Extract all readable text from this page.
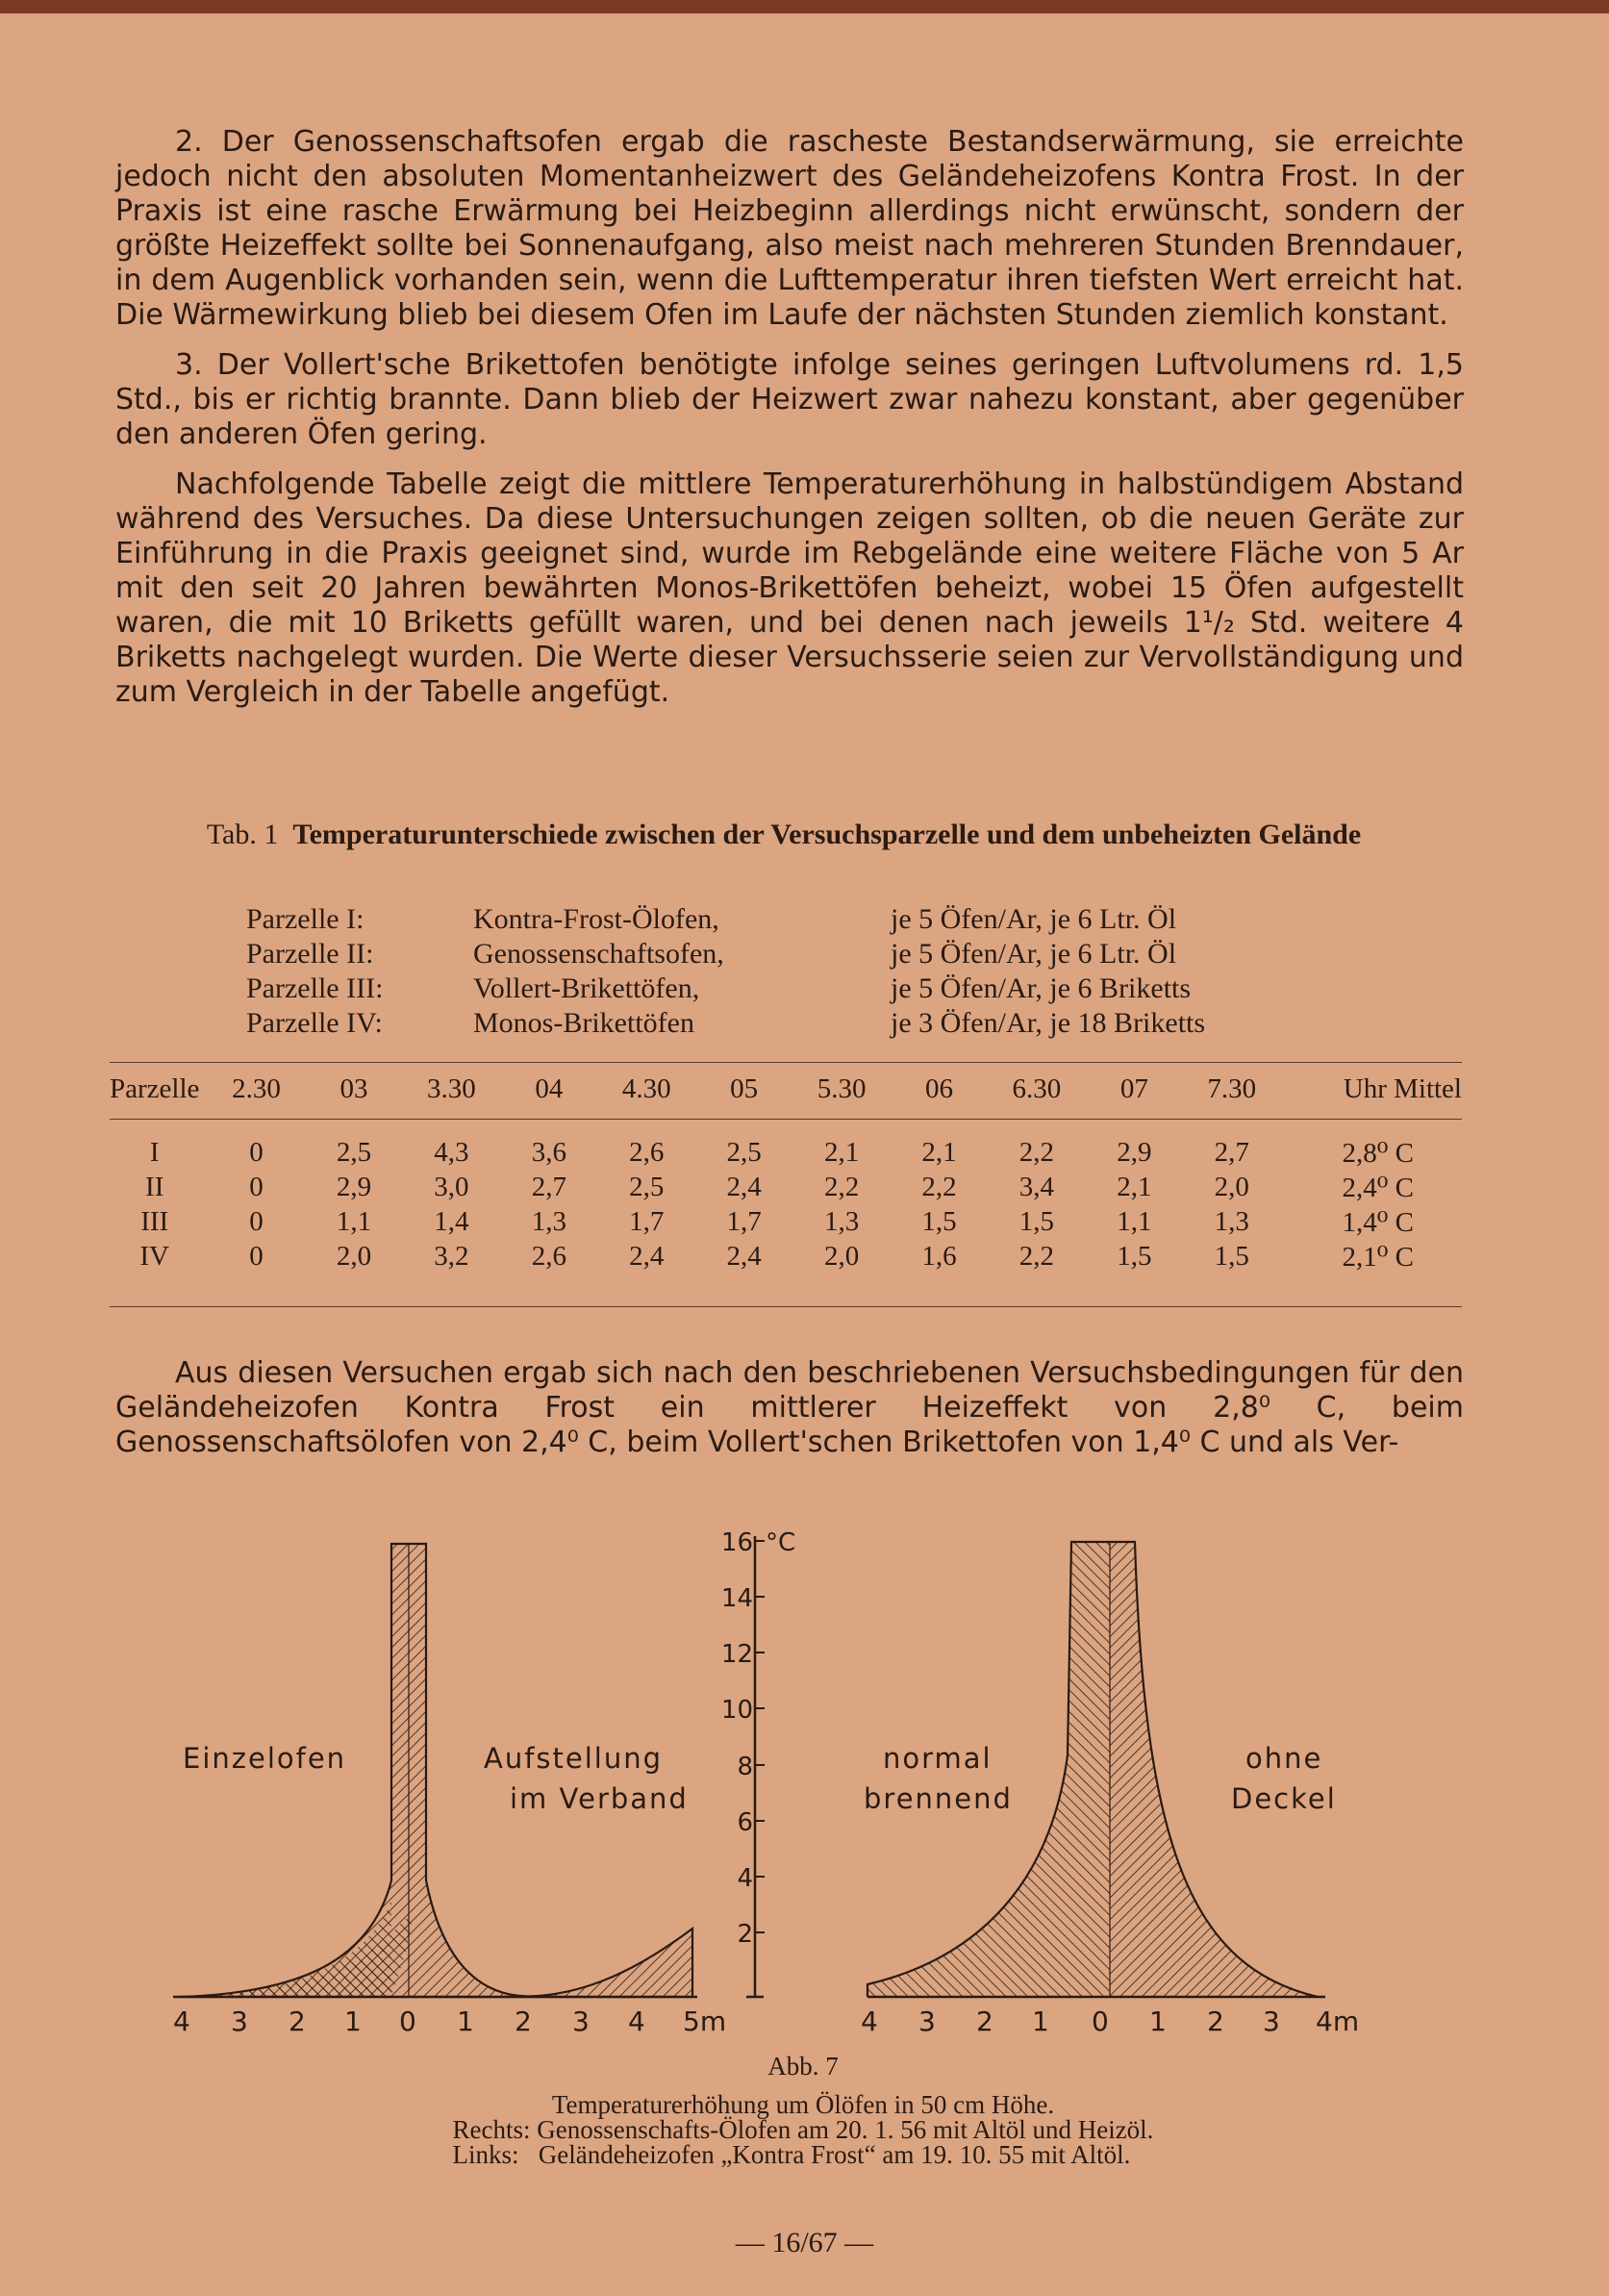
2. Der Genossenschaftsofen ergab die rascheste Bestandserwärmung, sie erreichte jedoch nicht den absoluten Momentanheizwert des Geländeheizofens Kontra Frost. In der Praxis ist eine rasche Erwärmung bei Heizbeginn allerdings nicht erwünscht, sondern der größte Heizeffekt sollte bei Sonnenaufgang, also meist nach mehreren Stunden Brenndauer, in dem Augenblick vorhanden sein, wenn die Lufttemperatur ihren tiefsten Wert erreicht hat. Die Wärmewirkung blieb bei diesem Ofen im Laufe der nächsten Stunden ziemlich konstant.

3. Der Vollert'sche Brikettofen benötigte infolge seines geringen Luftvolumens rd. 1,5 Std., bis er richtig brannte. Dann blieb der Heizwert zwar nahezu konstant, aber gegenüber den anderen Öfen gering.

Nachfolgende Tabelle zeigt die mittlere Temperaturerhöhung in halbstündigem Abstand während des Versuches. Da diese Untersuchungen zeigen sollten, ob die neuen Geräte zur Einführung in die Praxis geeignet sind, wurde im Rebgelände eine weitere Fläche von 5 Ar mit den seit 20 Jahren bewährten Monos-Brikettöfen beheizt, wobei 15 Öfen aufgestellt waren, die mit 10 Briketts gefüllt waren, und bei denen nach jeweils 1¹/₂ Std. weitere 4 Briketts nachgelegt wurden. Die Werte dieser Versuchsserie seien zur Vervollständigung und zum Vergleich in der Tabelle angefügt.

Tab. 1 Temperaturunterschiede zwischen der Versuchsparzelle und dem unbeheizten Gelände
Parzelle I:	Kontra-Frost-Ölofen,	je 5 Öfen/Ar, je 6 Ltr. Öl
Parzelle II:	Genossenschaftsofen,	je 5 Öfen/Ar, je 6 Ltr. Öl
Parzelle III:	Vollert-Brikettöfen,	je 5 Öfen/Ar, je 6 Briketts
Parzelle IV:	Monos-Brikettöfen	je 3 Öfen/Ar, je 18 Briketts
Parzelle	2.30	03	3.30	04	4.30	05	5.30	06	6.30	07	7.30	Uhr Mittel

I	0	2,5	4,3	3,6	2,6	2,5	2,1	2,1	2,2	2,9	2,7	2,8⁰ C
II	0	2,9	3,0	2,7	2,5	2,4	2,2	2,2	3,4	2,1	2,0	2,4⁰ C
III	0	1,1	1,4	1,3	1,7	1,7	1,3	1,5	1,5	1,1	1,3	1,4⁰ C
IV	0	2,0	3,2	2,6	2,4	2,4	2,0	1,6	2,2	1,5	1,5	2,1⁰ C

Aus diesen Versuchen ergab sich nach den beschriebenen Versuchsbedingungen für den Geländeheizofen Kontra Frost ein mittlerer Heizeffekt von 2,8⁰ C, beim Genossenschaftsölofen von 2,4⁰ C, beim Vollert'schen Brikettofen von 1,4⁰ C und als Ver-

Einzelofen	Aufstellung
im Verband
4 3 2 1 0 1 2 3 4 5m
16
14
12
10
8
6
4
2
°C
normal
brennend
ohne
Deckel
4 3 2 1 0 1 2 3 4m
Abb. 7
Temperaturerhöhung um Ölöfen in 50 cm Höhe.
Rechts: Genossenschafts-Ölofen am 20. 1. 56 mit Altöl und Heizöl.
Links:   Geländeheizofen „Kontra Frost“ am 19. 10. 55 mit Altöl.
— 16/67 —
